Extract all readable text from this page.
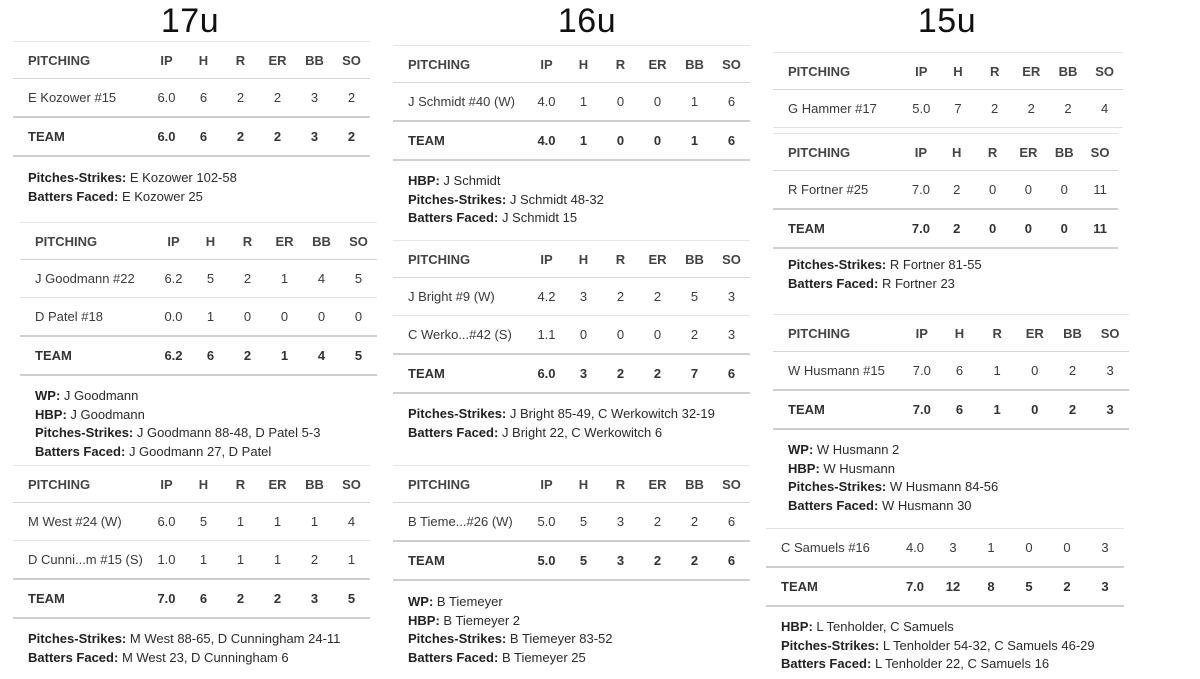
17u	16u	15u
PITCHING	IP	H	R	ER	BB	SO
E Kozower #15	6.0	6	2	2	3	2
TEAM	6.0	6	2	2	3	2
Pitches-Strikes: E Kozower 102-58
Batters Faced: E Kozower 25
PITCHING	IP	H	R	ER	BB	SO
J Goodmann #22	6.2	5	2	1	4	5
D Patel #18	0.0	1	0	0	0	0
TEAM	6.2	6	2	1	4	5
WP: J Goodmann
HBP: J Goodmann
Pitches-Strikes: J Goodmann 88-48, D Patel 5-3
Batters Faced: J Goodmann 27, D Patel
PITCHING	IP	H	R	ER	BB	SO
M West #24 (W)	6.0	5	1	1	1	4
D Cunni...m #15 (S)	1.0	1	1	1	2	1
TEAM	7.0	6	2	2	3	5
Pitches-Strikes: M West 88-65, D Cunningham 24-11
Batters Faced: M West 23, D Cunningham 6
PITCHING	IP	H	R	ER	BB	SO
J Schmidt #40 (W)	4.0	1	0	0	1	6
TEAM	4.0	1	0	0	1	6
HBP: J Schmidt
Pitches-Strikes: J Schmidt 48-32
Batters Faced: J Schmidt 15
PITCHING	IP	H	R	ER	BB	SO
J Bright #9 (W)	4.2	3	2	2	5	3
C Werko...#42 (S)	1.1	0	0	0	2	3
TEAM	6.0	3	2	2	7	6
Pitches-Strikes: J Bright 85-49, C Werkowitch 32-19
Batters Faced: J Bright 22, C Werkowitch 6
PITCHING	IP	H	R	ER	BB	SO
B Tieme...#26 (W)	5.0	5	3	2	2	6
TEAM	5.0	5	3	2	2	6
WP: B Tiemeyer
HBP: B Tiemeyer 2
Pitches-Strikes: B Tiemeyer 83-52
Batters Faced: B Tiemeyer 25
PITCHING	IP	H	R	ER	BB	SO
G Hammer #17	5.0	7	2	2	2	4
PITCHING	IP	H	R	ER	BB	SO
R Fortner #25	7.0	2	0	0	0	11
TEAM	7.0	2	0	0	0	11
Pitches-Strikes: R Fortner 81-55
Batters Faced: R Fortner 23
PITCHING	IP	H	R	ER	BB	SO
W Husmann #15	7.0	6	1	0	2	3
TEAM	7.0	6	1	0	2	3
WP: W Husmann 2
HBP: W Husmann
Pitches-Strikes: W Husmann 84-56
Batters Faced: W Husmann 30
C Samuels #16	4.0	3	1	0	0	3
TEAM	7.0	12	8	5	2	3
HBP: L Tenholder, C Samuels
Pitches-Strikes: L Tenholder 54-32, C Samuels 46-29
Batters Faced: L Tenholder 22, C Samuels 16
